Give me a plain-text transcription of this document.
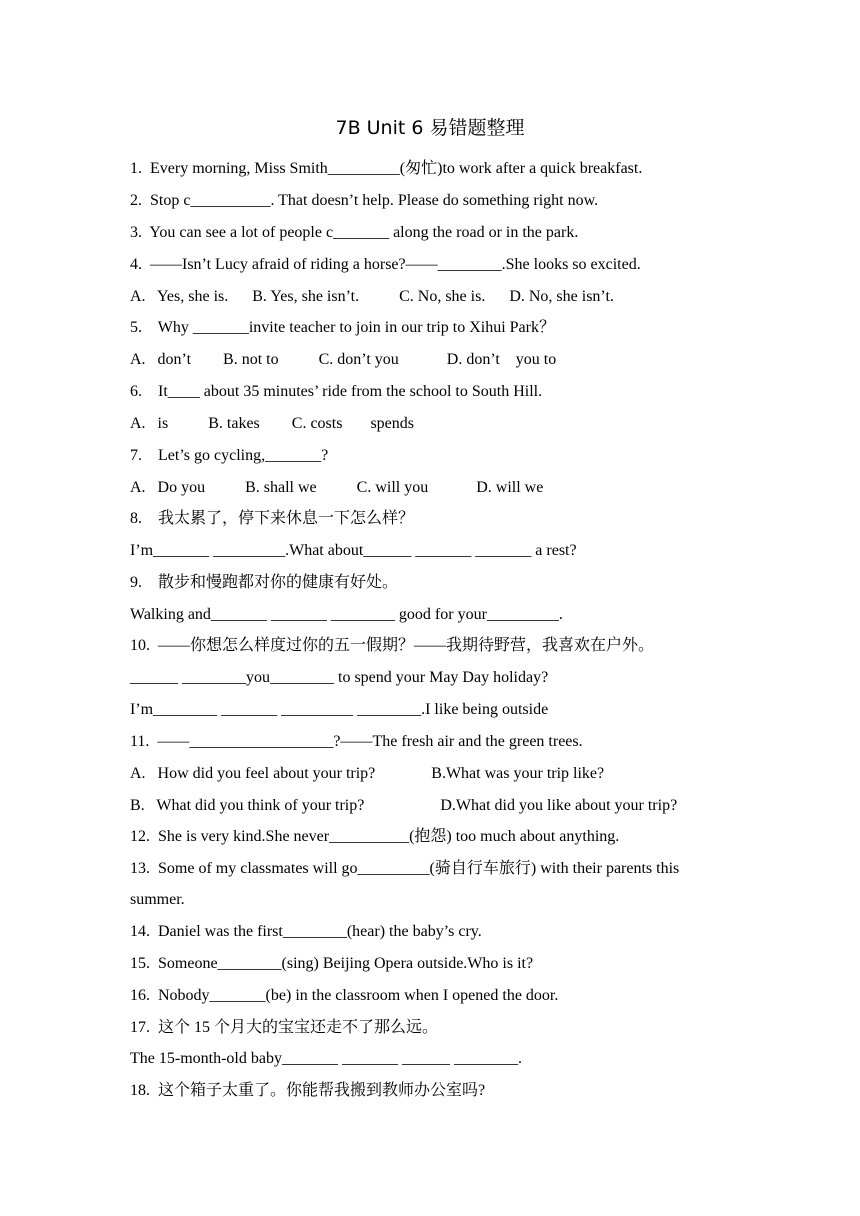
7B Unit 6 易错题整理
1.  Every morning, Miss Smith_________(匆忙)to work after a quick breakfast.
2.  Stop c__________. That doesn’t help. Please do something right now.
3.  You can see a lot of people c_______ along the road or in the park.
4.  ——Isn’t Lucy afraid of riding a horse?——________.She looks so excited.
A.   Yes, she is.      B. Yes, she isn’t.          C. No, she is.      D. No, she isn’t.
5.    Why _______invite teacher to join in our trip to Xihui Park？
A.   don’t        B. not to          C. don’t you            D. don’t    you to
6.    It____ about 35 minutes’ ride from the school to South Hill.
A.   is          B. takes        C. costs       spends
7.    Let’s go cycling,_______?
A.   Do you          B. shall we          C. will you            D. will we
8.    我太累了，停下来休息一下怎么样？
I’m_______ _________.What about______ _______ _______ a rest?
9.    散步和慢跑都对你的健康有好处。
Walking and_______ _______ ________ good for your_________.
10.  ——你想怎么样度过你的五一假期？——我期待野营，我喜欢在户外。
______ ________you________ to spend your May Day holiday?
I’m________ _______ _________ ________.I like being outside
11.  ——__________________?——The fresh air and the green trees.
A.   How did you feel about your trip?              B.What was your trip like?
B.   What did you think of your trip?                   D.What did you like about your trip?
12.  She is very kind.She never__________(抱怨) too much about anything.
13.  Some of my classmates will go_________(骑自行车旅行) with their parents this
summer.
14.  Daniel was the first________(hear) the baby’s cry.
15.  Someone________(sing) Beijing Opera outside.Who is it?
16.  Nobody_______(be) in the classroom when I opened the door.
17.  这个 15 个月大的宝宝还走不了那么远。
The 15-month-old baby_______ _______ ______ ________.
18.  这个箱子太重了。你能帮我搬到教师办公室吗?
